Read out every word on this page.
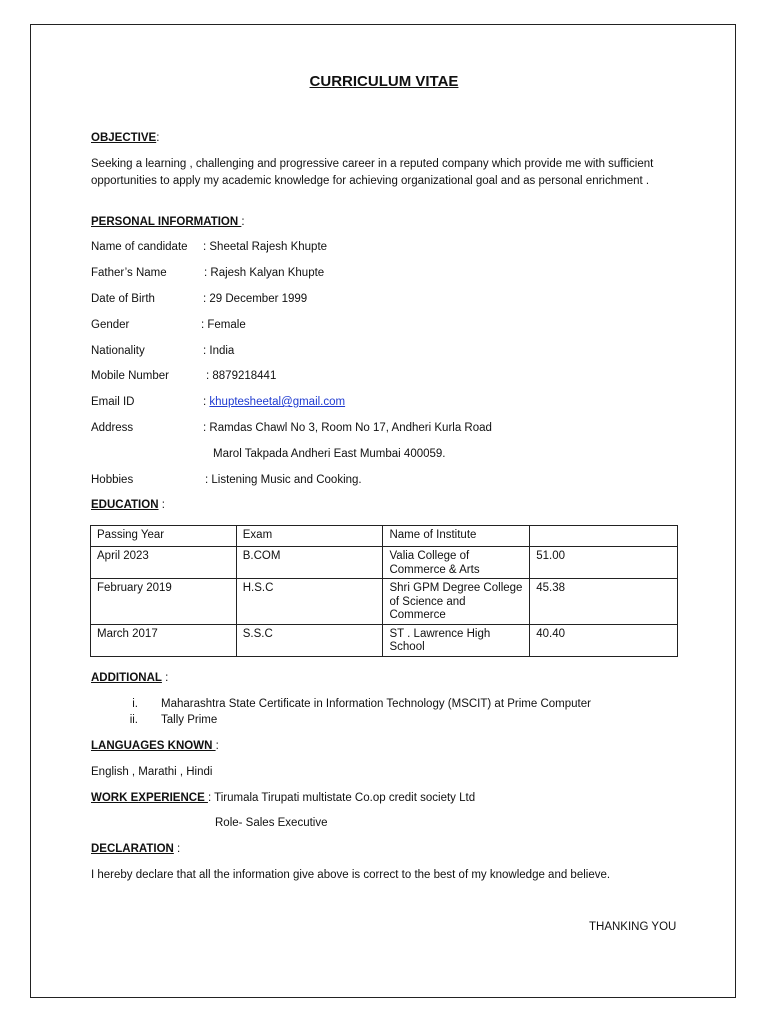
CURRICULUM VITAE
OBJECTIVE:
Seeking a learning , challenging and progressive career in a reputed company which provide me with sufficient opportunities to apply my academic knowledge for achieving organizational goal and as personal enrichment .
PERSONAL INFORMATION :
Name of candidate : Sheetal Rajesh Khupte
Father’s Name	: Rajesh Kalyan Khupte
Date of Birth	: 29 December 1999
Gender	: Female
Nationality	: India
Mobile Number	: 8879218441
Email ID	: khuptesheetal@gmail.com
Address	: Ramdas Chawl No 3, Room No 17, Andheri Kurla Road
Marol Takpada Andheri East Mumbai 400059.
Hobbies	: Listening Music and Cooking.
EDUCATION :
Passing Year	Exam	Name of Institute	
April 2023	B.COM	Valia College of Commerce & Arts	51.00
February 2019	H.S.C	Shri GPM Degree College of Science and Commerce	45.38
March 2017	S.S.C	ST . Lawrence High School	40.40
ADDITIONAL :
i. Maharashtra State Certificate in Information Technology (MSCIT) at Prime Computer
ii. Tally Prime
LANGUAGES KNOWN :
English , Marathi , Hindi
WORK EXPERIENCE : Tirumala Tirupati multistate Co.op credit society Ltd
Role- Sales Executive
DECLARATION :
I hereby declare that all the information give above is correct to the best of my knowledge and believe.
THANKING YOU
